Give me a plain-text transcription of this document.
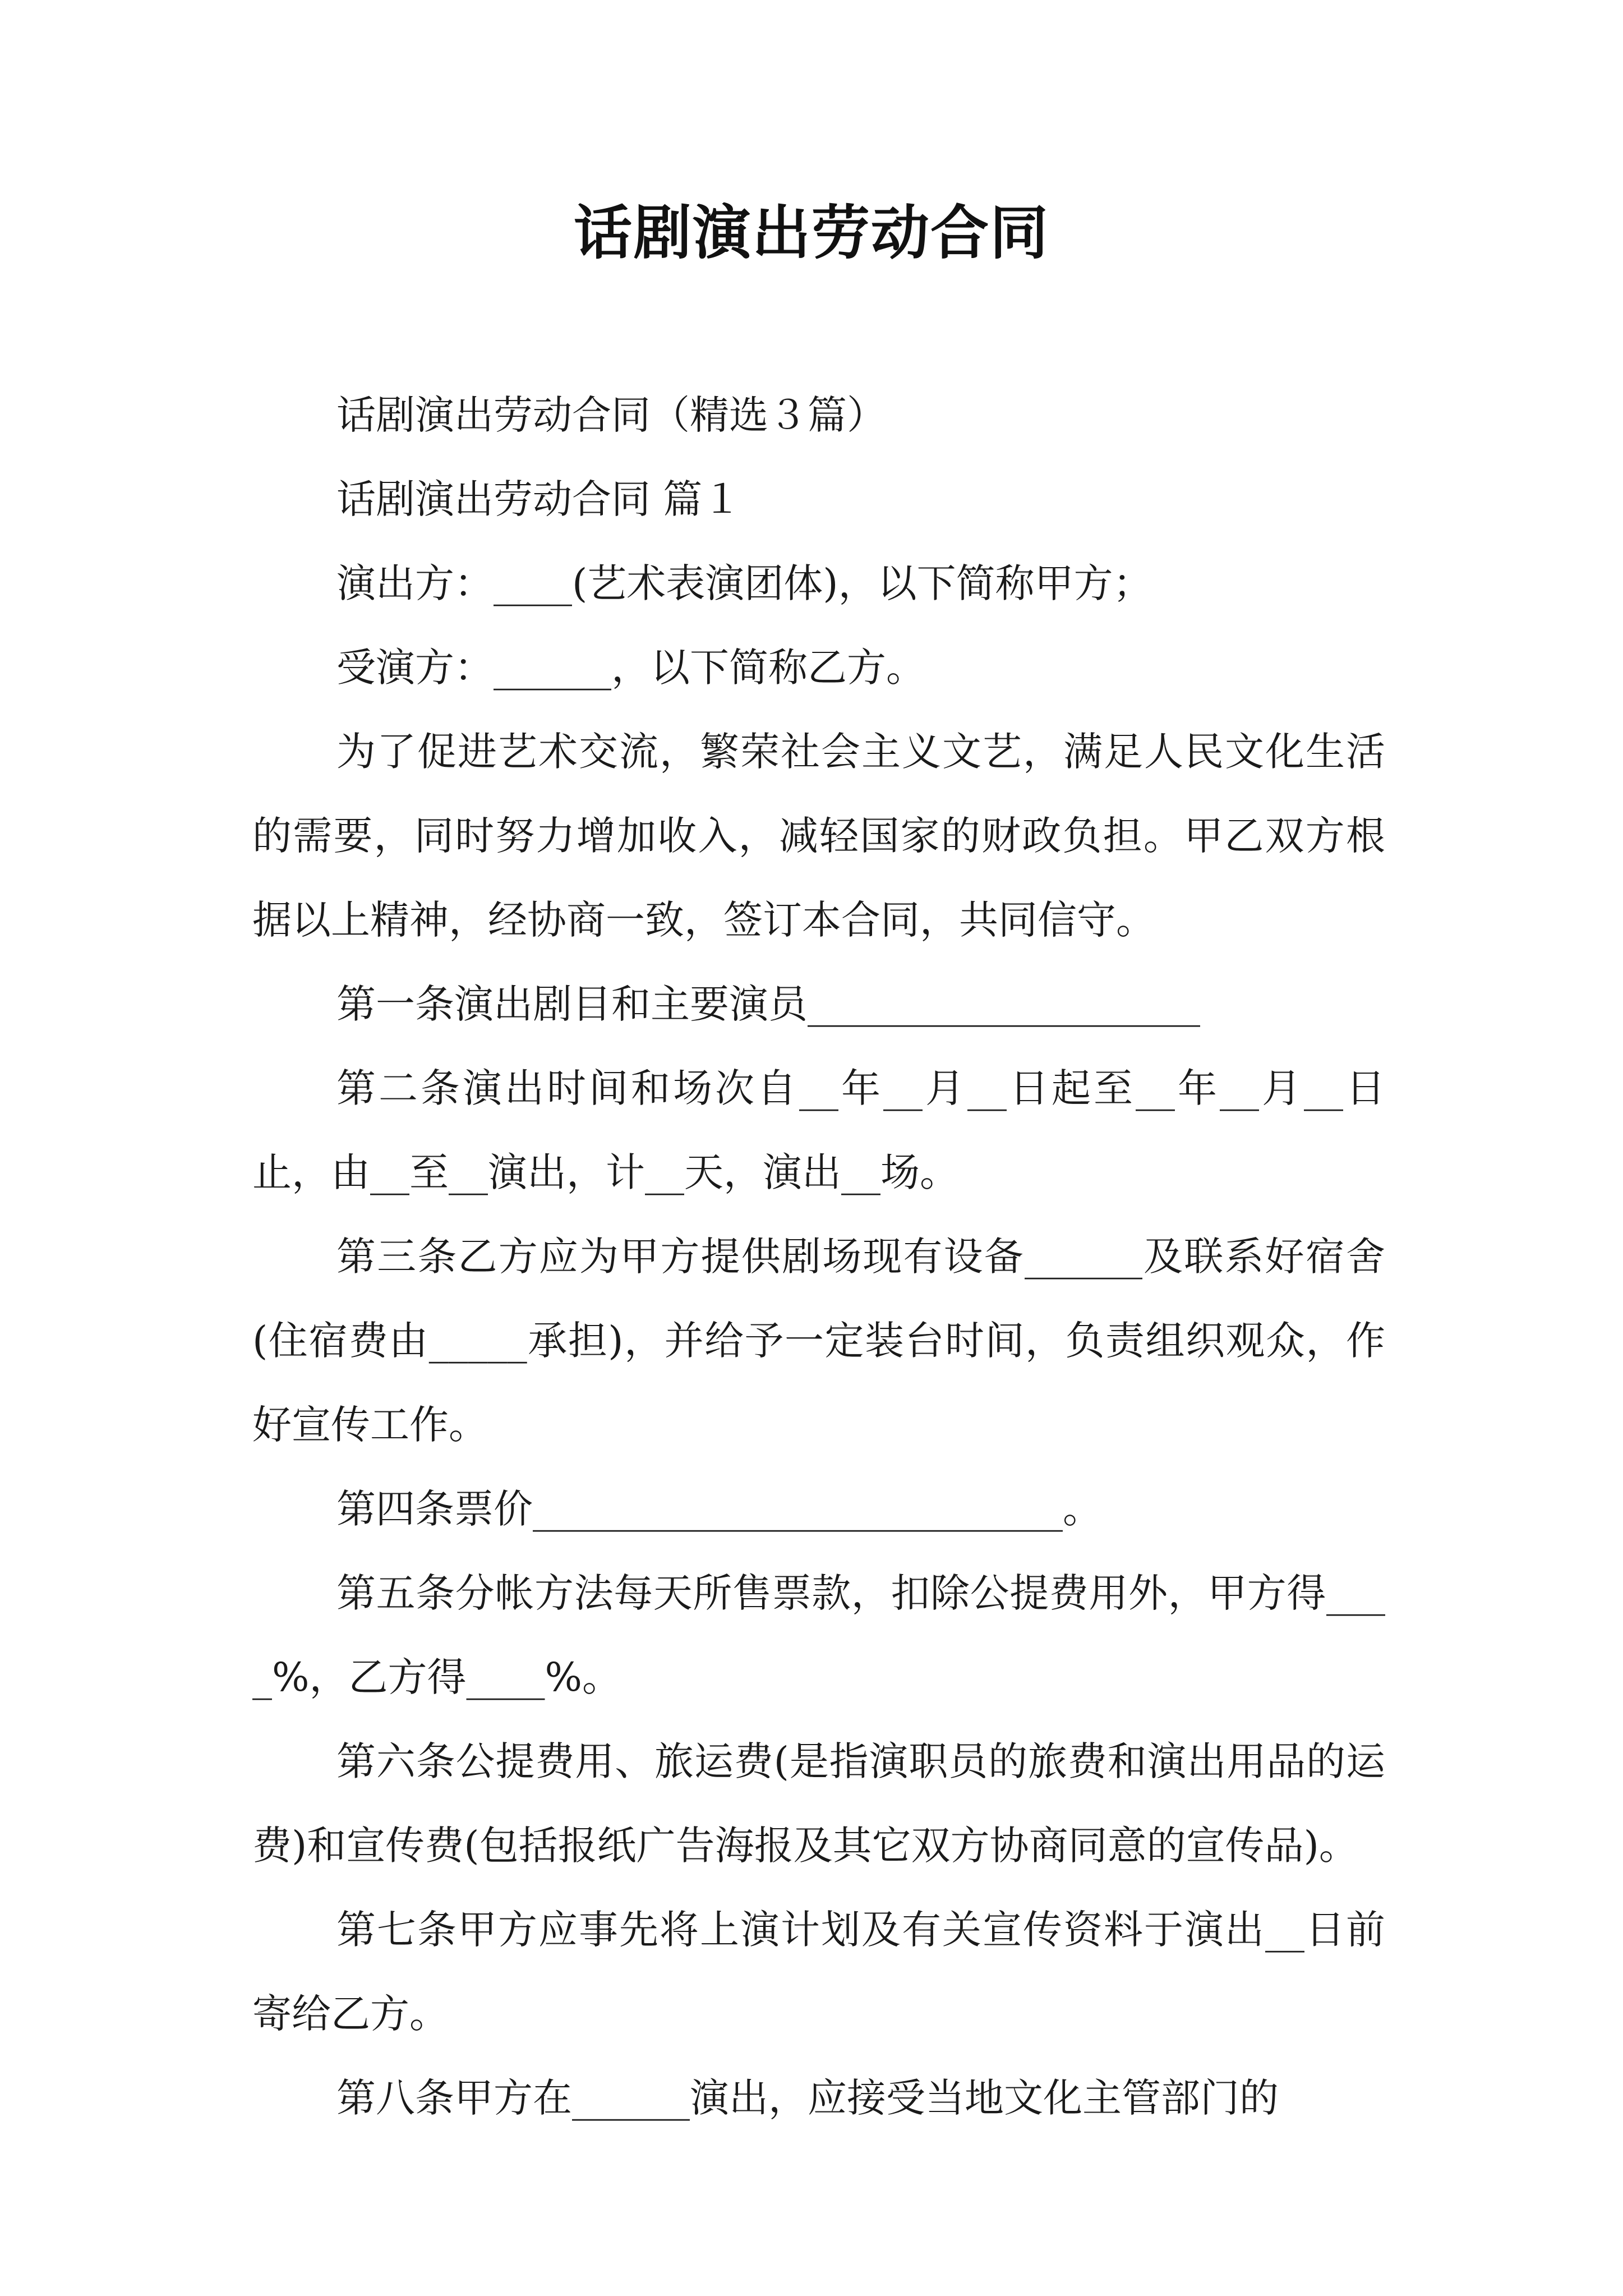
话剧演出劳动合同

话剧演出劳动合同（精选３篇）

话剧演出劳动合同 篇１

演出方：____(艺术表演团体)，以下简称甲方；

受演方：______，以下简称乙方。

为了促进艺术交流，繁荣社会主义文艺，满足人民文化生活的需要，同时努力增加收入，减轻国家的财政负担。甲乙双方根据以上精神，经协商一致，签订本合同，共同信守。

第一条演出剧目和主要演员____________________

第二条演出时间和场次自__年__月__日起至__年__月__日止，由__至__演出，计__天，演出__场。

第三条乙方应为甲方提供剧场现有设备______及联系好宿舍(住宿费由_____承担)，并给予一定装台时间，负责组织观众，作好宣传工作。

第四条票价___________________________。

第五条分帐方法每天所售票款，扣除公提费用外，甲方得____%，乙方得____%。

第六条公提费用、旅运费(是指演职员的旅费和演出用品的运费)和宣传费(包括报纸广告海报及其它双方协商同意的宣传品)。

第七条甲方应事先将上演计划及有关宣传资料于演出__日前寄给乙方。

第八条甲方在______演出，应接受当地文化主管部门的
